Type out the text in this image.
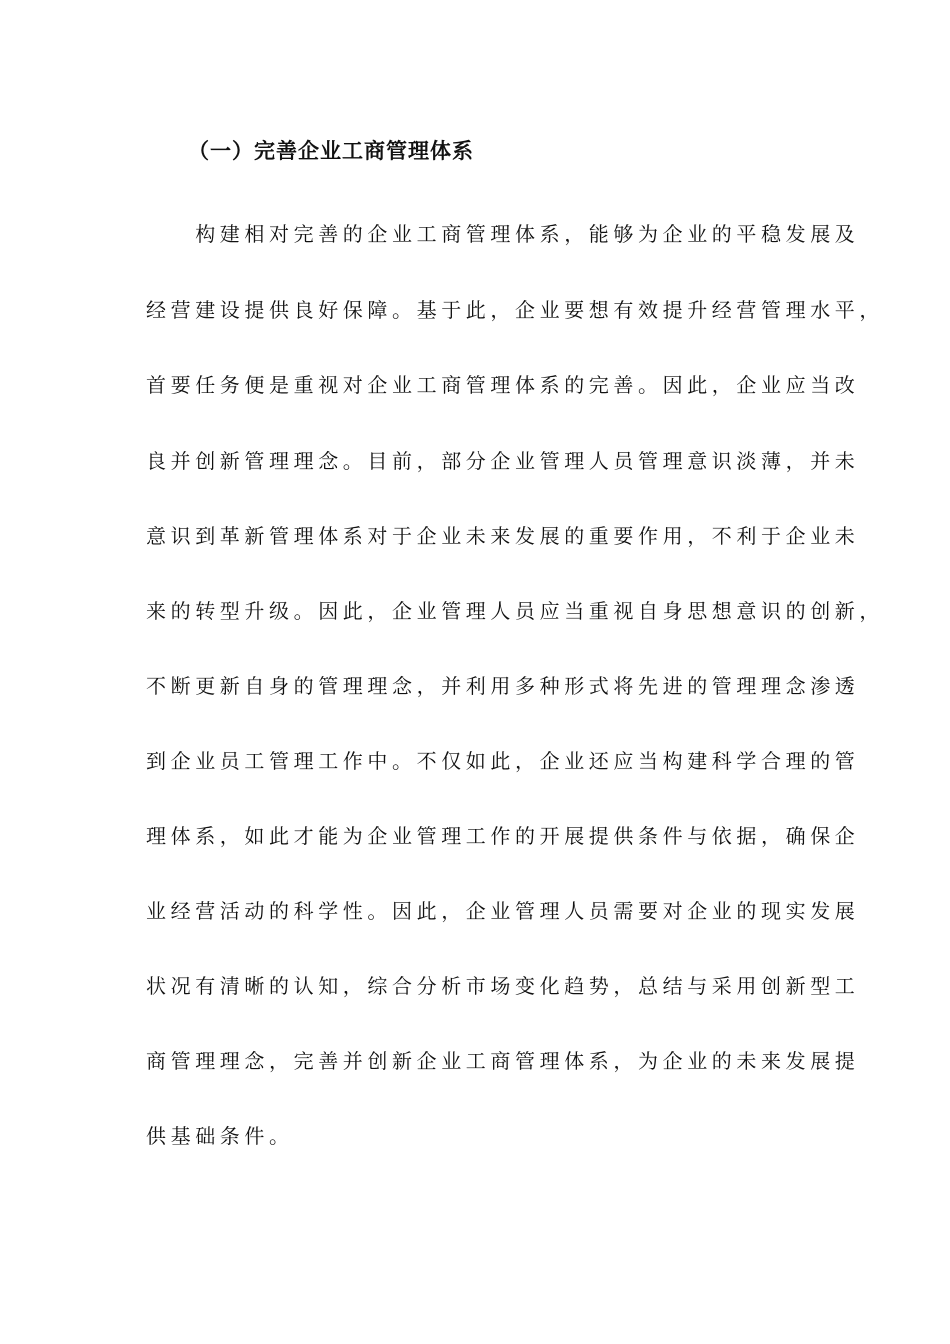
（一）完善企业工商管理体系
　　构建相对完善的企业工商管理体系，能够为企业的平稳发展及
经营建设提供良好保障。基于此，企业要想有效提升经营管理水平，
首要任务便是重视对企业工商管理体系的完善。因此，企业应当改
良并创新管理理念。目前，部分企业管理人员管理意识淡薄，并未
意识到革新管理体系对于企业未来发展的重要作用，不利于企业未
来的转型升级。因此，企业管理人员应当重视自身思想意识的创新，
不断更新自身的管理理念，并利用多种形式将先进的管理理念渗透
到企业员工管理工作中。不仅如此，企业还应当构建科学合理的管
理体系，如此才能为企业管理工作的开展提供条件与依据，确保企
业经营活动的科学性。因此，企业管理人员需要对企业的现实发展
状况有清晰的认知，综合分析市场变化趋势，总结与采用创新型工
商管理理念，完善并创新企业工商管理体系，为企业的未来发展提
供基础条件。
